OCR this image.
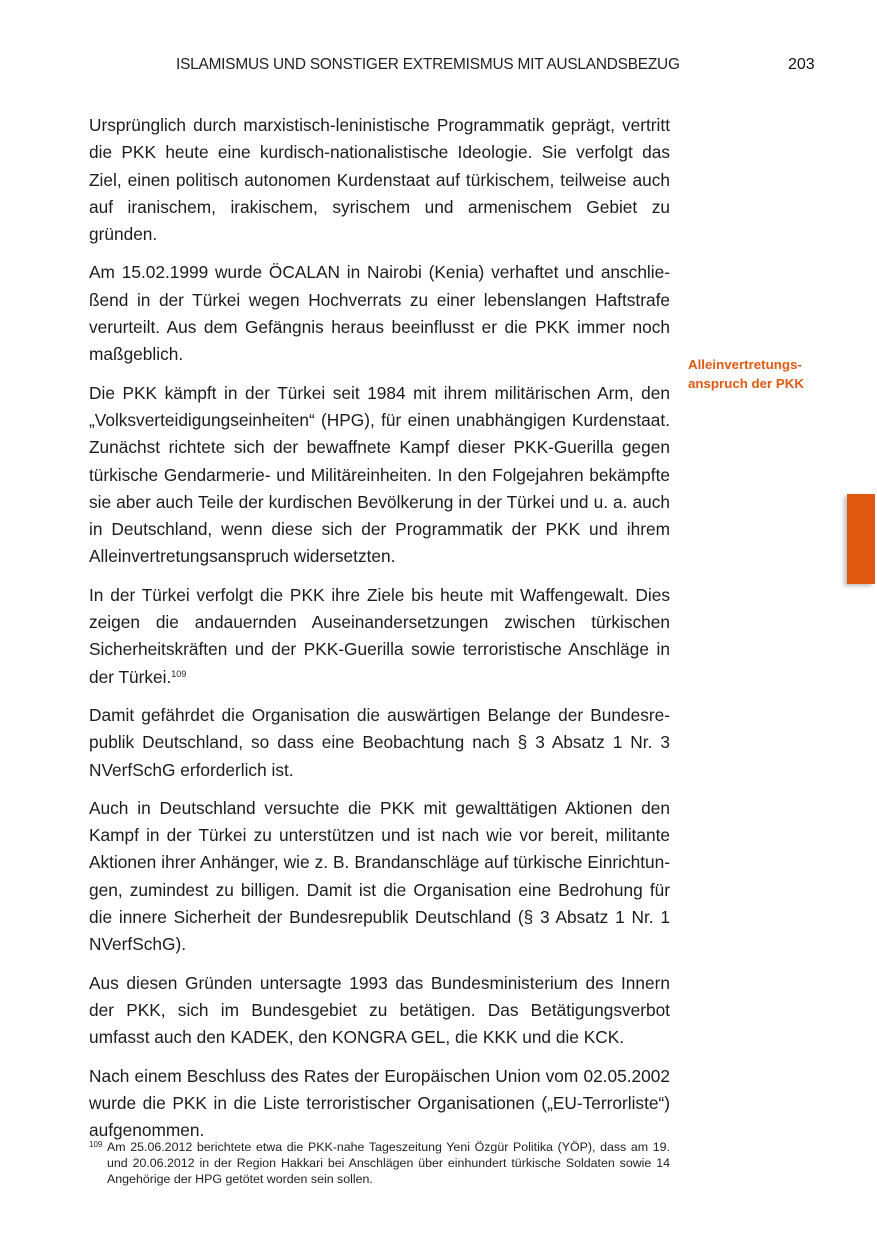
ISLAMISMUS UND SONSTIGER EXTREMISMUS MIT AUSLANDSBEZUG	203

Ursprünglich durch marxistisch-leninistische Programmatik geprägt, vertritt die PKK heute eine kurdisch-nationalistische Ideologie. Sie verfolgt das Ziel, einen politisch autonomen Kurdenstaat auf türkischem, teilweise auch auf iranischem, irakischem, syrischem und armenischem Gebiet zu gründen.

Am 15.02.1999 wurde ÖCALAN in Nairobi (Kenia) verhaftet und anschließend in der Türkei wegen Hochverrats zu einer lebenslangen Haftstrafe verurteilt. Aus dem Gefängnis heraus beeinflusst er die PKK immer noch maßgeblich.

Die PKK kämpft in der Türkei seit 1984 mit ihrem militärischen Arm, den „Volksverteidigungseinheiten“ (HPG), für einen unabhängigen Kurdenstaat. Zunächst richtete sich der bewaffnete Kampf dieser PKK-Guerilla gegen türkische Gendarmerie- und Militäreinheiten. In den Folgejahren bekämpfte sie aber auch Teile der kurdischen Bevölkerung in der Türkei und u. a. auch in Deutschland, wenn diese sich der Programmatik der PKK und ihrem Alleinvertretungsanspruch widersetzten.

In der Türkei verfolgt die PKK ihre Ziele bis heute mit Waffengewalt. Dies zeigen die andauernden Auseinandersetzungen zwischen türkischen Sicherheitskräften und der PKK-Guerilla sowie terroristische Anschläge in der Türkei.$^{109}$

Damit gefährdet die Organisation die auswärtigen Belange der Bundesrepublik Deutschland, so dass eine Beobachtung nach § 3 Absatz 1 Nr. 3 NVerfSchG erforderlich ist.

Auch in Deutschland versuchte die PKK mit gewalttätigen Aktionen den Kampf in der Türkei zu unterstützen und ist nach wie vor bereit, militante Aktionen ihrer Anhänger, wie z. B. Brandanschläge auf türkische Einrichtungen, zumindest zu billigen. Damit ist die Organisation eine Bedrohung für die innere Sicherheit der Bundesrepublik Deutschland (§ 3 Absatz 1 Nr. 1 NVerfSchG).

Aus diesen Gründen untersagte 1993 das Bundesministerium des Innern der PKK, sich im Bundesgebiet zu betätigen. Das Betätigungsverbot umfasst auch den KADEK, den KONGRA GEL, die KKK und die KCK.

Nach einem Beschluss des Rates der Europäischen Union vom 02.05.2002 wurde die PKK in die Liste terroristischer Organisationen („EU-Terrorliste“) aufgenommen.

Alleinvertretungs-
anspruch der PKK
109 Am 25.06.2012 berichtete etwa die PKK-nahe Tageszeitung Yeni Özgür Politika (YÖP), dass am 19. und 20.06.2012 in der Region Hakkari bei Anschlägen über einhundert türkische Soldaten sowie 14 Angehörige der HPG getötet worden sein sollen.
